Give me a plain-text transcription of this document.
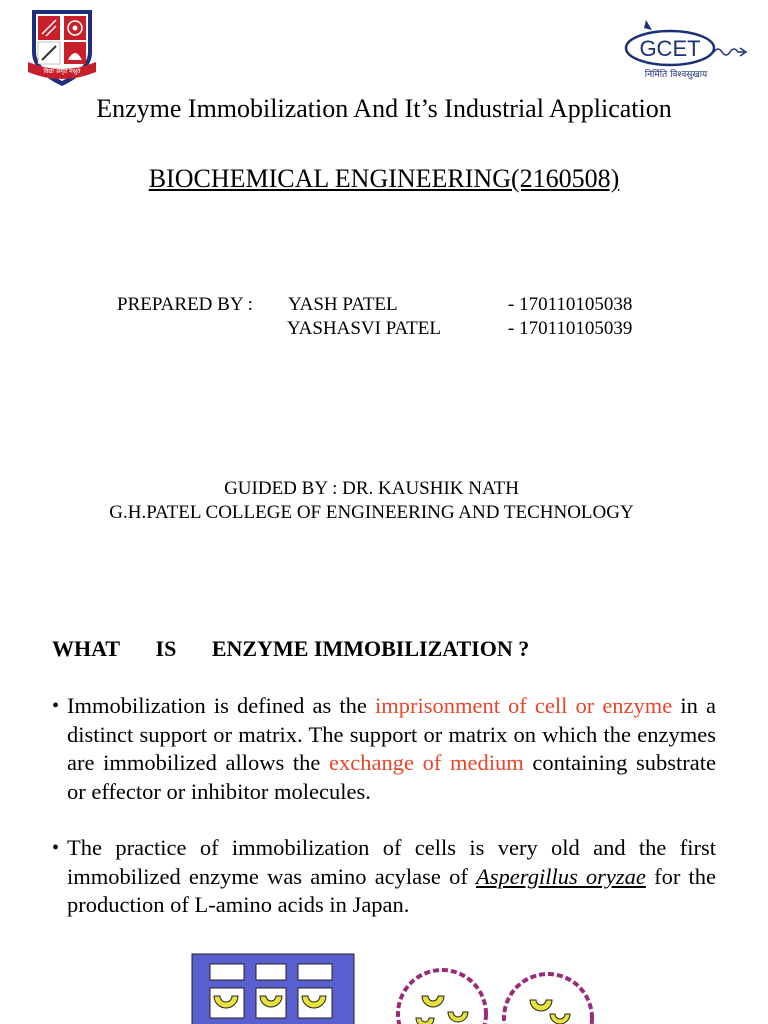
विद्या अमृत मश्नुते
GCET
निर्मिति विश्वसुखाय
Enzyme Immobilization And It’s Industrial Application
BIOCHEMICAL ENGINEERING(2160508)
PREPARED BY : YASH PATEL	- 170110105038
YASHASVI PATEL	- 170110105039
GUIDED BY : DR. KAUSHIK NATH
G.H.PATEL COLLEGE OF ENGINEERING AND TECHNOLOGY
WHAT IS ENZYME IMMOBILIZATION ?
• Immobilization is defined as the imprisonment of cell or enzyme in a distinct support or matrix. The support or matrix on which the enzymes are immobilized allows the exchange of medium containing substrate or effector or inhibitor molecules.
• The practice of immobilization of cells is very old and the first immobilized enzyme was amino acylase of Aspergillus oryzae for the production of L-amino acids in Japan.
